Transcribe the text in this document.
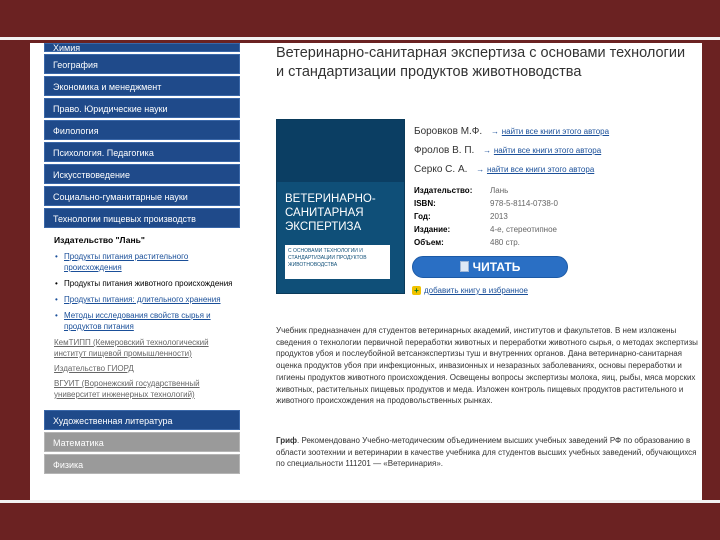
Химия
География
Экономика и менеджмент
Право. Юридические науки
Филология
Психология. Педагогика
Искусствоведение
Социально-гуманитарные науки
Технологии пищевых производств
Издательство "Лань"
• Продукты питания растительного происхождения
• Продукты питания животного происхождения
• Продукты питания: длительного хранения
• Методы исследования свойств сырья и продуктов питания
КемТИПП (Кемеровский технологический институт пищевой промышленности)
Издательство ГИОРД
ВГУИТ (Воронежский государственный университет инженерных технологий)
Художественная литература
Математика
Физика
Ветеринарно-санитарная экспертиза с основами технологии и стандартизации продуктов животноводства
ВЕТЕРИНАРНО-САНИТАРНАЯ ЭКСПЕРТИЗА
С ОСНОВАМИ ТЕХНОЛОГИИ И СТАНДАРТИЗАЦИИ ПРОДУКТОВ ЖИВОТНОВОДСТВА
Боровков М.Ф. → найти все книги этого автора
Фролов В. П. → найти все книги этого автора
Серко С. А. → найти все книги этого автора
Издательство:	Лань
ISBN:	978-5-8114-0738-0
Год:	2013
Издание:	4-е, стереотипное
Объем:	480 стр.
ЧИТАТЬ
+ добавить книгу в избранное
Учебник предназначен для студентов ветеринарных академий, институтов и факультетов. В нем изложены сведения о технологии первичной переработки животных и переработки животного сырья, о методах экспертизы продуктов убоя и послеубойной ветсанэкспертизы туш и внутренних органов. Дана ветеринарно-санитарная оценка продуктов убоя при инфекционных, инвазионных и незаразных заболеваниях, основы переработки и гигиены продуктов животного происхождения. Освещены вопросы экспертизы молока, яиц, рыбы, мяса морских животных, растительных пищевых продуктов и меда. Изложен контроль пищевых продуктов растительного и животного происхождения на продовольственных рынках.
Гриф. Рекомендовано Учебно-методическим объединением высших учебных заведений РФ по образованию в области зоотехнии и ветеринарии в качестве учебника для студентов высших учебных заведений, обучающихся по специальности 111201 — «Ветеринария».
